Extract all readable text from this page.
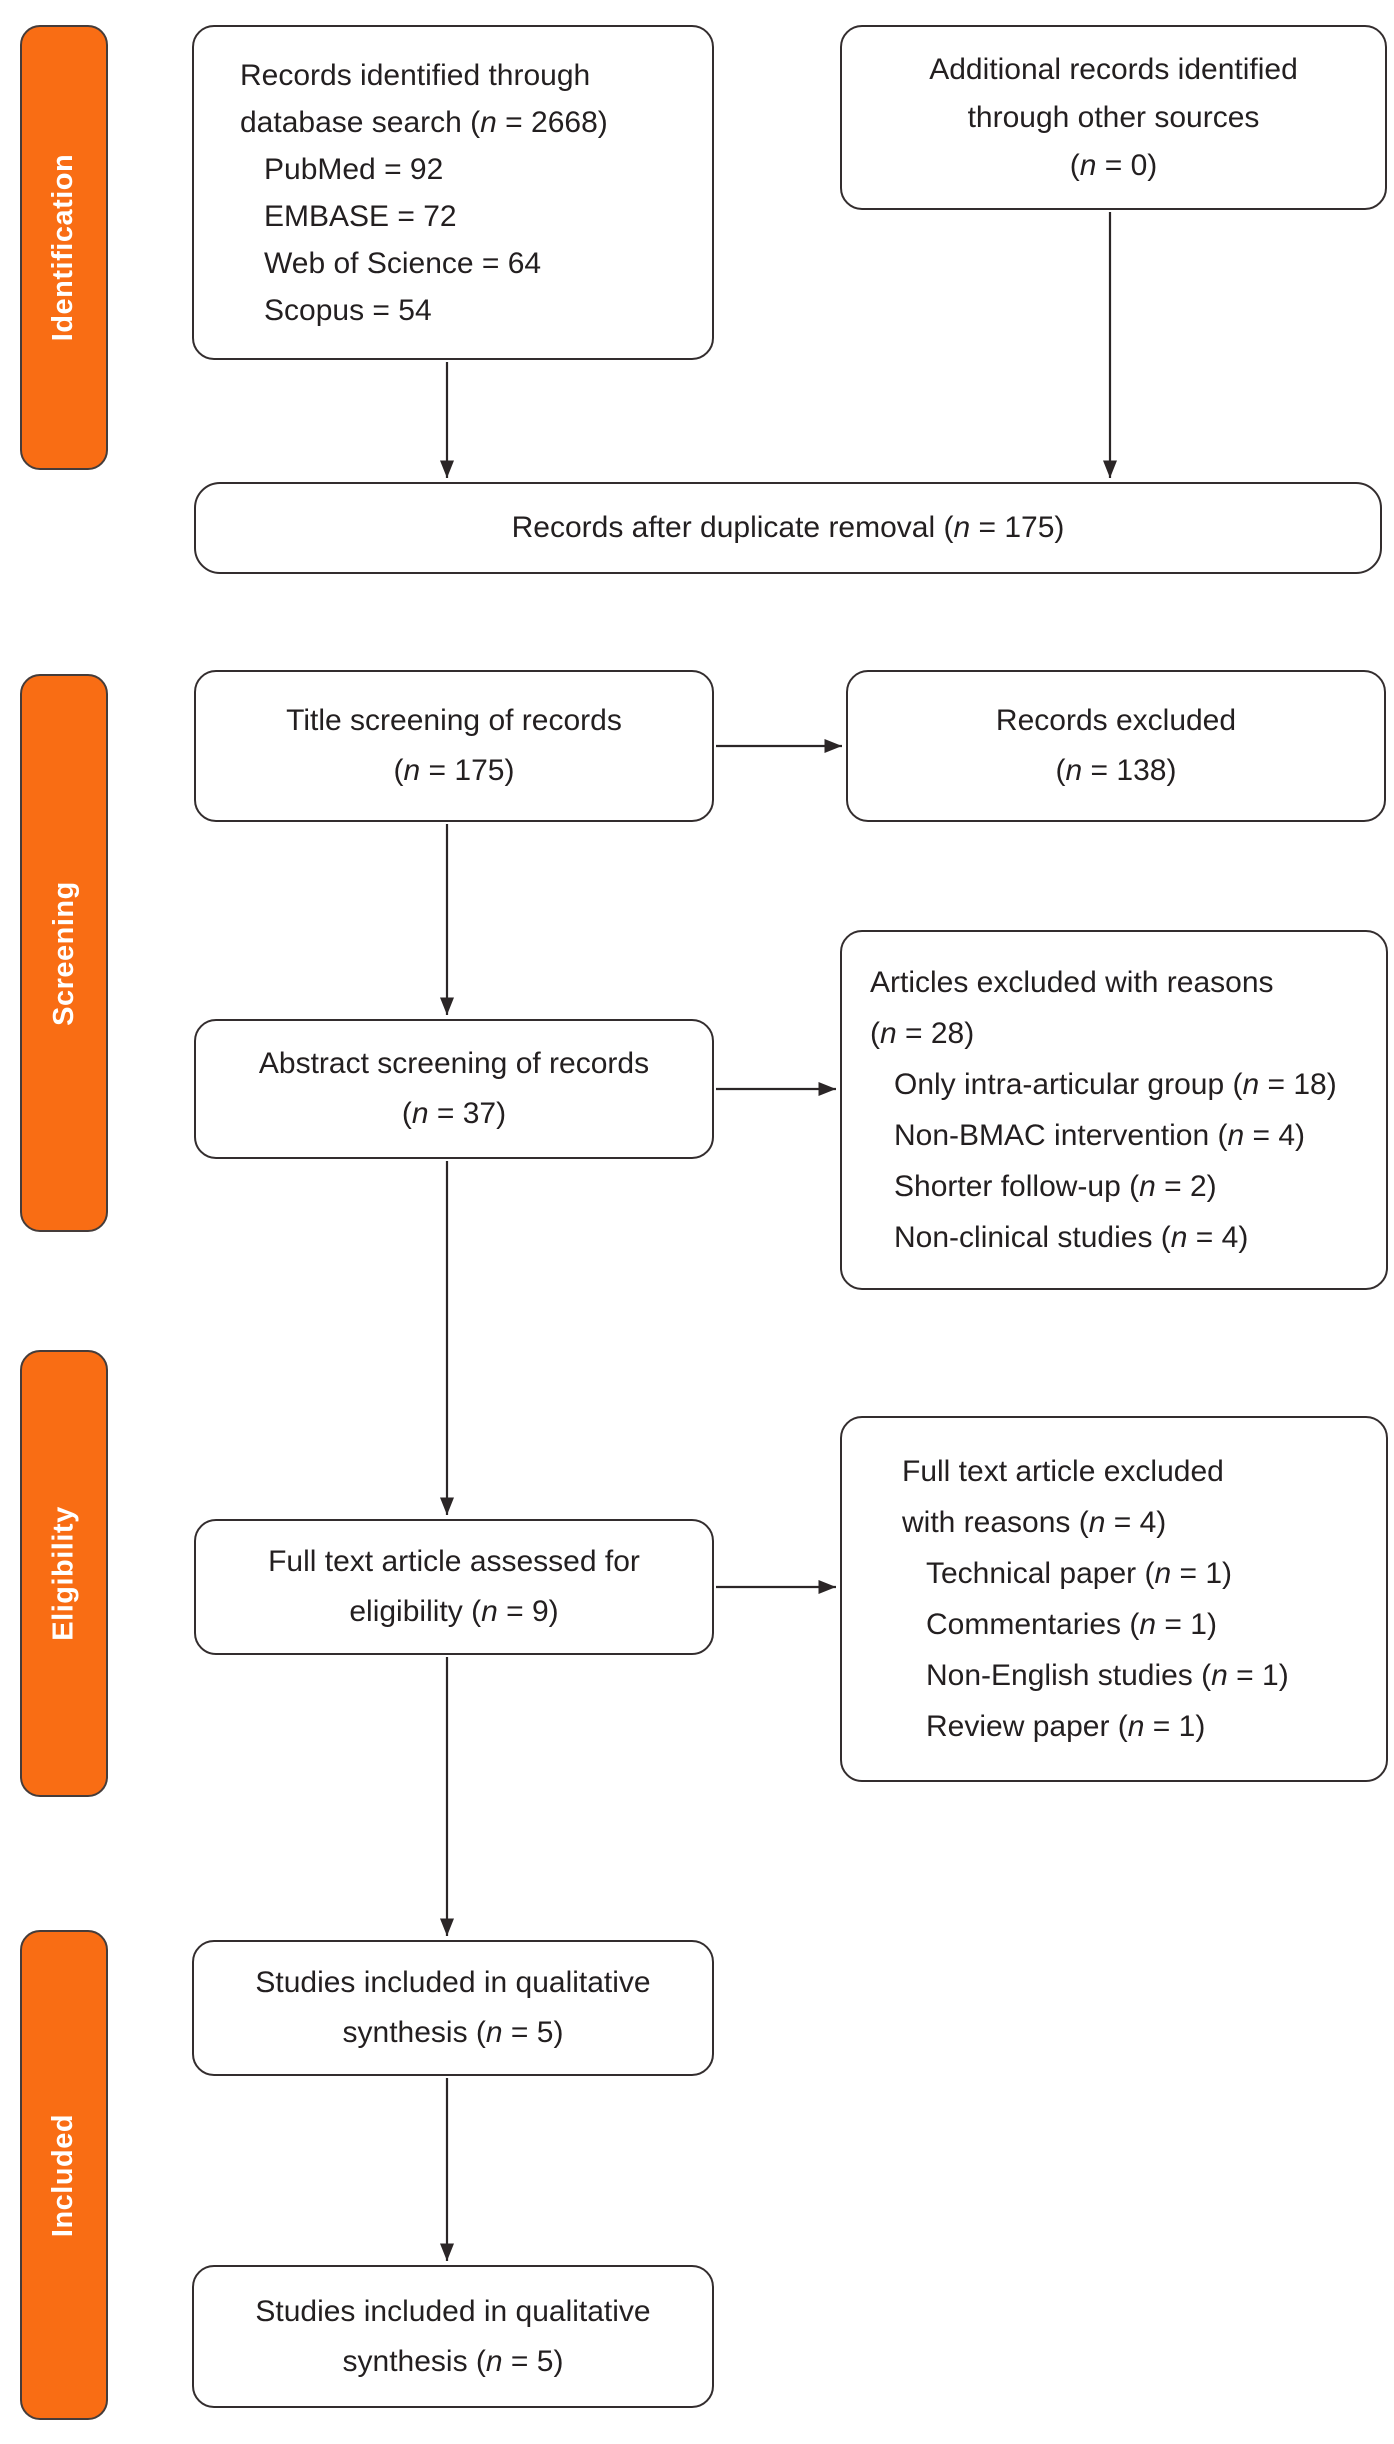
Identification
Screening
Eligibility
Included
Records identified through
database search (n = 2668)
PubMed = 92
EMBASE = 72
Web of Science = 64
Scopus = 54
Additional records identified
through other sources
(n = 0)
Records after duplicate removal (n = 175)
Title screening of records
(n = 175)
Records excluded
(n = 138)
Abstract screening of records
(n = 37)
Articles excluded with reasons
(n = 28)
Only intra-articular group (n = 18)
Non-BMAC intervention (n = 4)
Shorter follow-up (n = 2)
Non-clinical studies (n = 4)
Full text article assessed for
eligibility (n = 9)
Full text article excluded
with reasons (n = 4)
Technical paper (n = 1)
Commentaries (n = 1)
Non-English studies (n = 1)
Review paper (n = 1)
Studies included in qualitative
synthesis (n = 5)
Studies included in qualitative
synthesis (n = 5)
